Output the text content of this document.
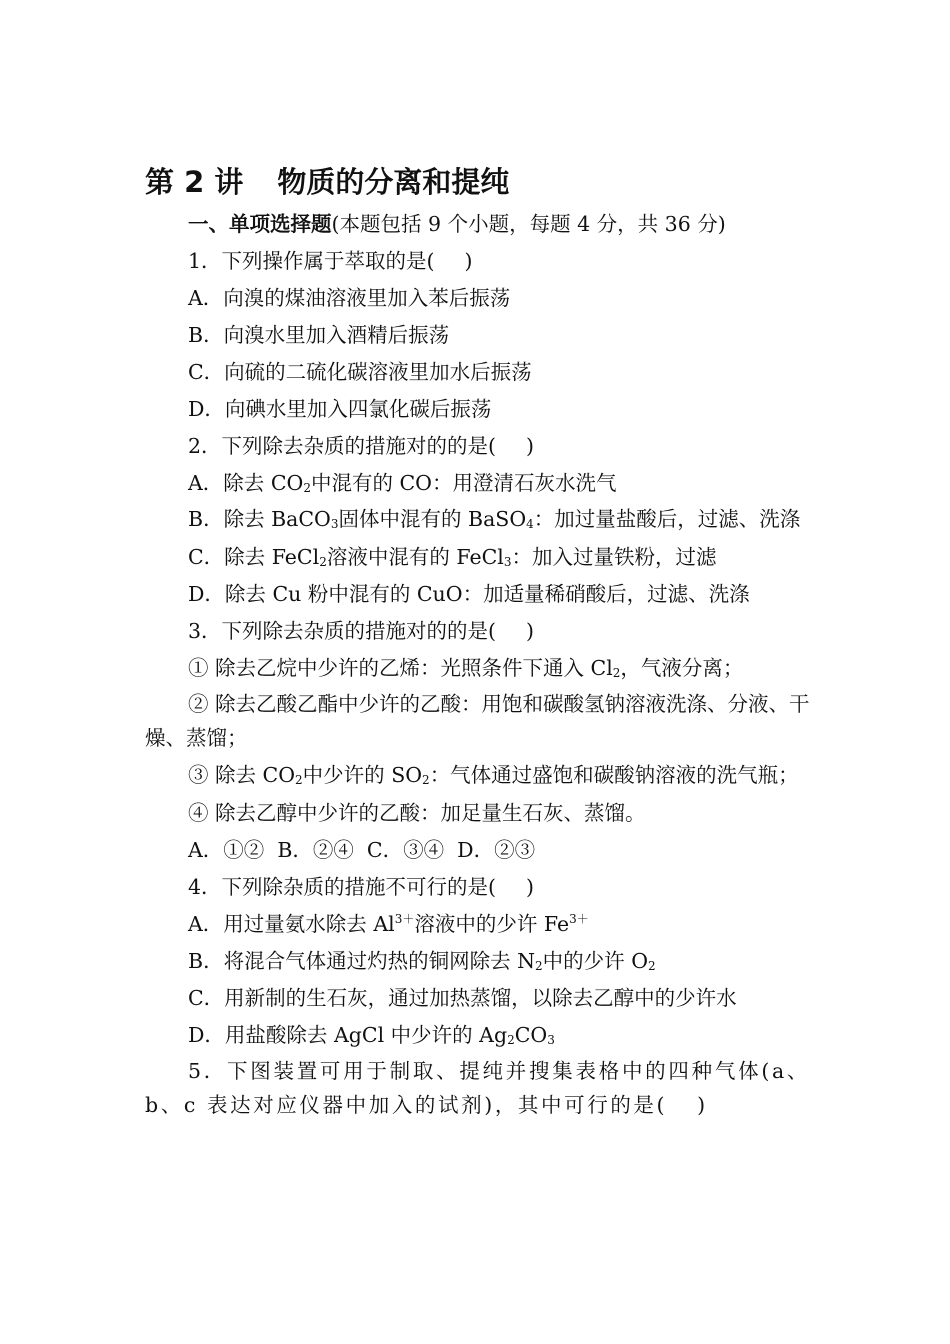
第 2 讲 物质的分离和提纯

一、单项选择题(本题包括 9 个小题，每题 4 分，共 36 分)

1．下列操作属于萃取的是( )

A．向溴的煤油溶液里加入苯后振荡

B．向溴水里加入酒精后振荡

C．向硫的二硫化碳溶液里加水后振荡

D．向碘水里加入四氯化碳后振荡

2．下列除去杂质的措施对的的是( )

A．除去 $CO_2$中混有的 CO：用澄清石灰水洗气

B．除去 BaCO$_3$固体中混有的 BaSO$_4$：加过量盐酸后，过滤、洗涤

C．除去 FeCl$_2$溶液中混有的 FeCl$_3$：加入过量铁粉，过滤

D．除去 Cu 粉中混有的 CuO：加适量稀硝酸后，过滤、洗涤

3．下列除去杂质的措施对的的是( )

① 除去乙烷中少许的乙烯：光照条件下通入 $Cl_2$，气液分离；

② 除去乙酸乙酯中少许的乙酸：用饱和碳酸氢钠溶液洗涤、分液、干燥、蒸馏；

③ 除去 $CO_2$中少许的 $SO_2$：气体通过盛饱和碳酸钠溶液的洗气瓶；

④ 除去乙醇中少许的乙酸：加足量生石灰、蒸馏。

A．①②  B．②④  C．③④  D．②③

4．下列除杂质的措施不可行的是( )

A．用过量氨水除去 $Al^{3+}$溶液中的少许 $Fe^{3+}$

B．将混合气体通过灼热的铜网除去 $N_2$中的少许 $O_2$

C．用新制的生石灰，通过加热蒸馏，以除去乙醇中的少许水

D．用盐酸除去 AgCl 中少许的 $Ag_2CO_3$

5．下图装置可用于制取、提纯并搜集表格中的四种气体(a、b、c 表达对应仪器中加入的试剂)，其中可行的是( )
